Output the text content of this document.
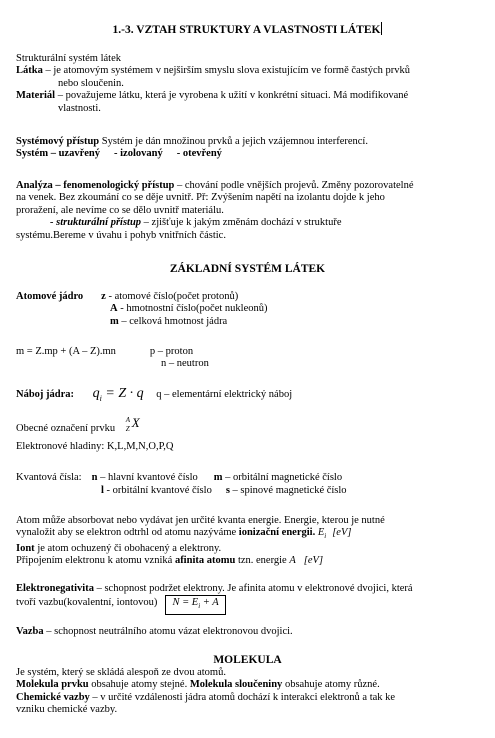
1.-3. VZTAH STRUKTURY A VLASTNOSTI LÁTEK
Strukturální systém látek
Látka – je atomovým systémem v nejširším smyslu slova existujícím ve formě častých prvků
nebo sloučenin.
Materiál – považujeme látku, která je vyrobena k užití v konkrétní situaci. Má modifikované
vlastnosti.
Systémový přístup Systém je dán množinou prvků a jejich vzájemnou interferencí.
Systém – uzavřený - izolovaný - otevřený
Analýza – fenomenologický přístup – chování podle vnějších projevů. Změny pozorovatelné
na venek. Bez zkoumání co se děje uvnitř. Př: Zvýšením napětí na izolantu dojde k jeho
proražení, ale nevíme co se dělo uvnitř materiálu.
- strukturální přístup – zjišťuje k jakým změnám dochází v struktuře
systému.Bereme v úvahu i pohyb vnitřních částic.
ZÁKLADNÍ SYSTÉM LÁTEK
Atomové jádro z - atomové číslo(počet protonů)
A - hmotnostní číslo(počet nukleonů)
m – celková hmotnost jádra
m = Z.mp + (A – Z).mn	p – proton
n – neutron
Náboj jádra: $q_i = Z \cdot q$ q – elementární elektrický náboj
Obecné označení prvku
A
Z X
Elektronové hladiny: K,L,M,N,O,P,Q
Kvantová čísla: n – hlavní kvantové číslo m – orbitální magnetické číslo
l - orbitální kvantové číslo s – spinové magnetické číslo
Atom může absorbovat nebo vydávat jen určité kvanta energie. Energie, kterou je nutné
vynaložit aby se elektron odtrhl od atomu nazýváme ionizační energii. $E_i$ [eV]
Iont je atom ochuzený či obohacený a elektrony.
Připojením elektronu k atomu vzniká afinita atomu tzn. energie A [eV]
Elektronegativita – schopnost podržet elektrony. Je afinita atomu v elektronové dvojici, která
tvoří vazbu(kovalentní, iontovou) $N = E_i + A$
Vazba – schopnost neutrálního atomu vázat elektronovou dvojici.
MOLEKULA
Je systém, který se skládá alespoň ze dvou atomů.
Molekula prvku obsahuje atomy stejné. Molekula sloučeniny obsahuje atomy různé.
Chemické vazby – v určité vzdálenosti jádra atomů dochází k interakci elektronů a tak ke
vzniku chemické vazby.
